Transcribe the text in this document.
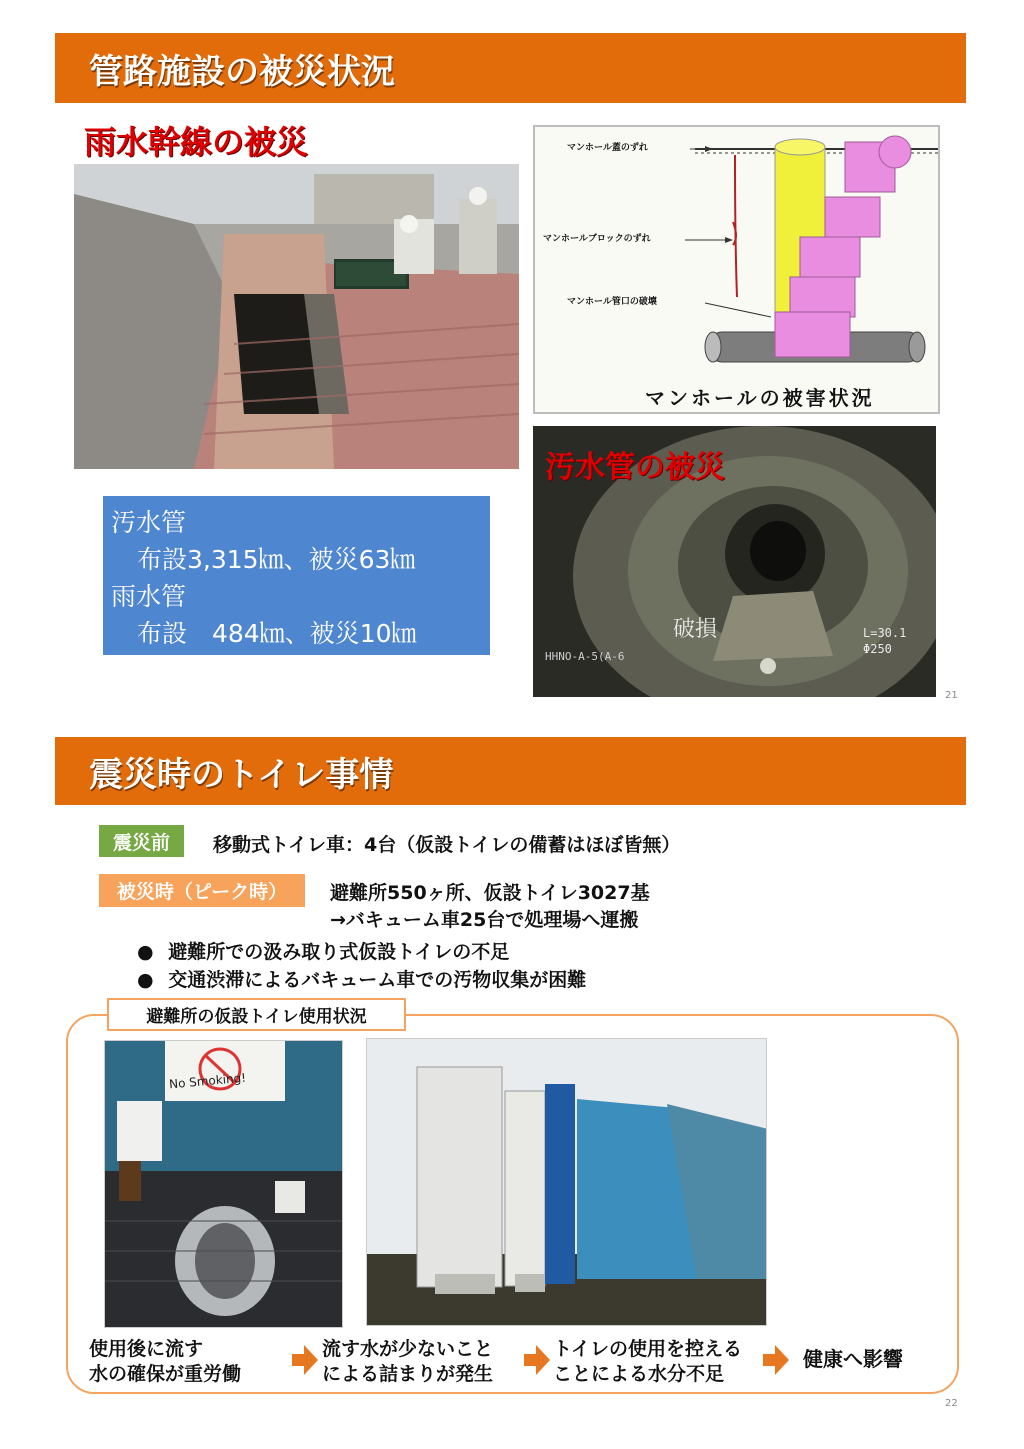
管路施設の被災状況
雨水幹線の被災	マンホール蓋のずれ
マンホールブロックのずれ
マンホール管口の破壊
マンホールの被害状況
汚水管の被災
破損	L=30.1
Φ250
HHNO-A-5(A-6
汚水管
布設3,315㎞、被災63㎞
雨水管
布設　484㎞、被災10㎞
21
震災時のトイレ事情
震災前	移動式トイレ車：4台（仮設トイレの備蓄はほぼ皆無）
被災時（ピーク時）	避難所550ヶ所、仮設トイレ3027基
→バキューム車25台で処理場へ運搬
● 避難所での汲み取り式仮設トイレの不足
● 交通渋滞によるバキューム車での汚物収集が困難
避難所の仮設トイレ使用状況
No Smoking!
使用後に流す
水の確保が重労働
流す水が少ないこと
による詰まりが発生
トイレの使用を控える
ことによる水分不足
健康へ影響
22
